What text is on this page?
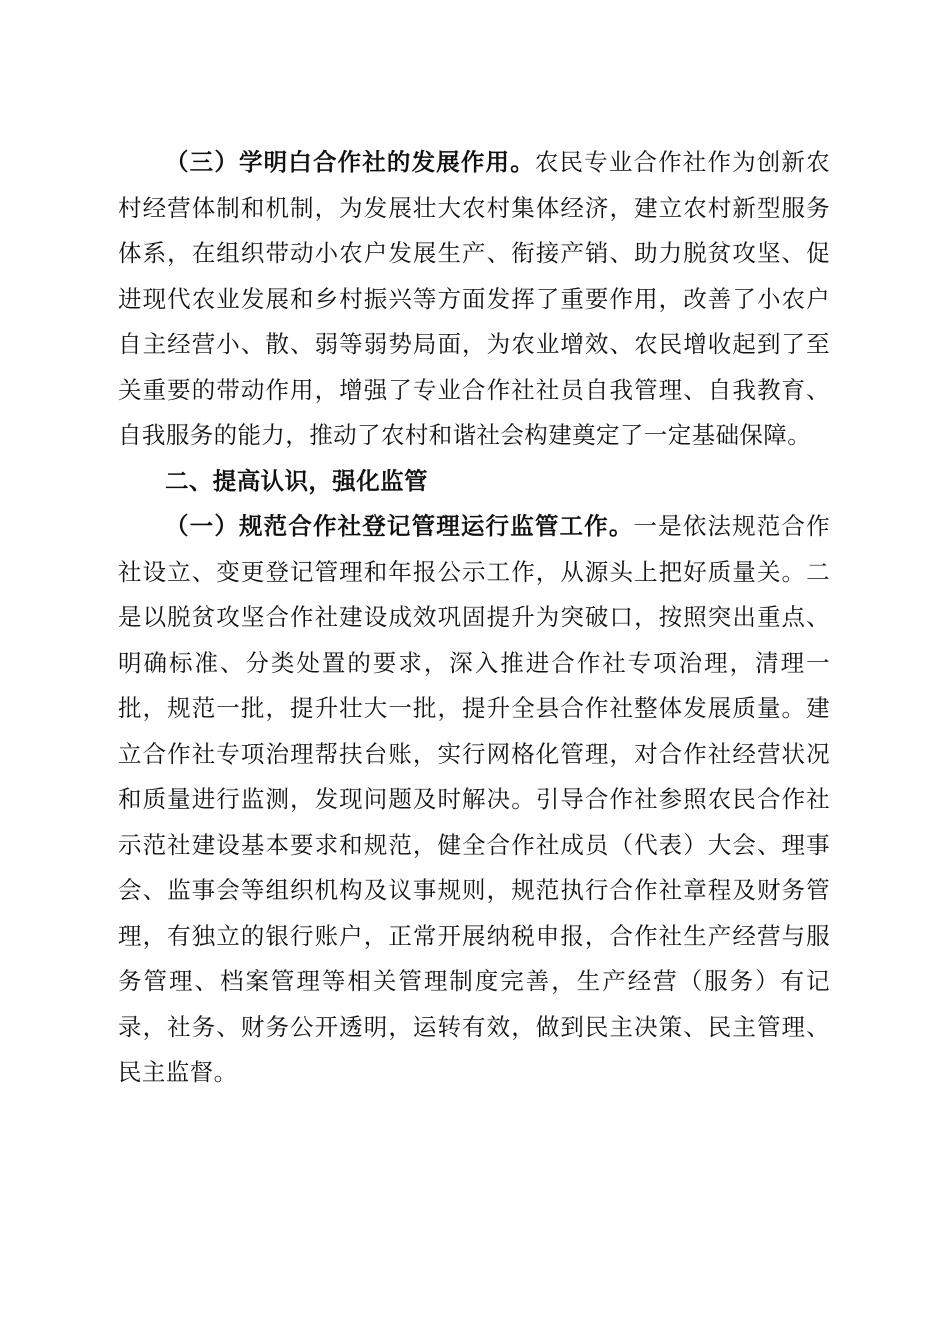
（三）学明白合作社的发展作用。农民专业合作社作为创新农村经营体制和机制，为发展壮大农村集体经济，建立农村新型服务体系，在组织带动小农户发展生产、衔接产销、助力脱贫攻坚、促进现代农业发展和乡村振兴等方面发挥了重要作用，改善了小农户自主经营小、散、弱等弱势局面，为农业增效、农民增收起到了至关重要的带动作用，增强了专业合作社社员自我管理、自我教育、自我服务的能力，推动了农村和谐社会构建奠定了一定基础保障。

二、提高认识，强化监管

（一）规范合作社登记管理运行监管工作。一是依法规范合作社设立、变更登记管理和年报公示工作，从源头上把好质量关。二是以脱贫攻坚合作社建设成效巩固提升为突破口，按照突出重点、明确标准、分类处置的要求，深入推进合作社专项治理，清理一批，规范一批，提升壮大一批，提升全县合作社整体发展质量。建立合作社专项治理帮扶台账，实行网格化管理，对合作社经营状况和质量进行监测，发现问题及时解决。引导合作社参照农民合作社示范社建设基本要求和规范，健全合作社成员（代表）大会、理事会、监事会等组织机构及议事规则，规范执行合作社章程及财务管理，有独立的银行账户，正常开展纳税申报，合作社生产经营与服务管理、档案管理等相关管理制度完善，生产经营（服务）有记录，社务、财务公开透明，运转有效，做到民主决策、民主管理、民主监督。
